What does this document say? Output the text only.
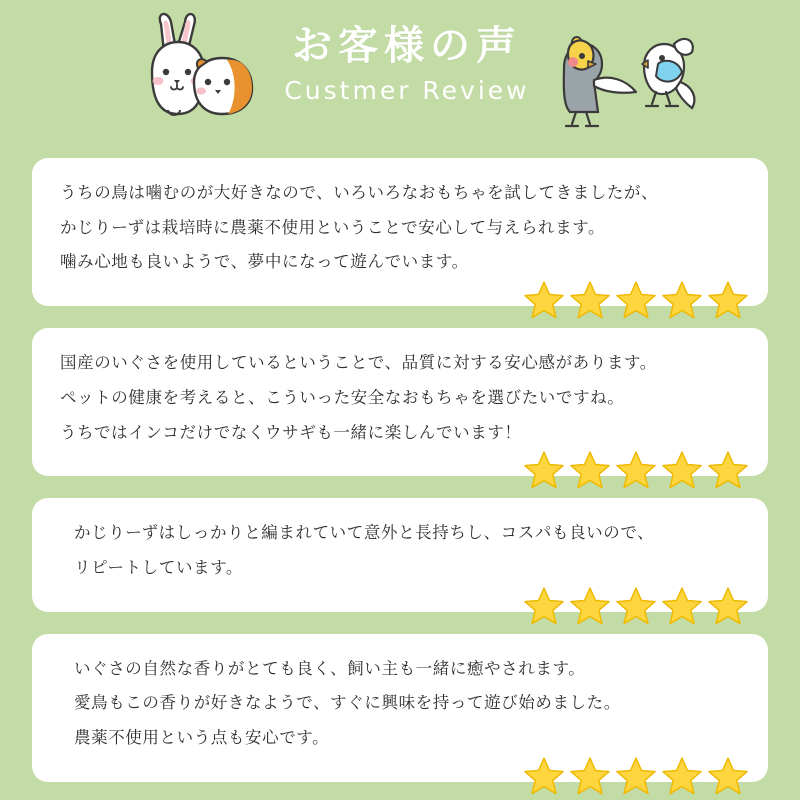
お客様の声
Custmer Review

うちの鳥は噛むのが大好きなので、いろいろなおもちゃを試してきましたが、

かじりーずは栽培時に農薬不使用ということで安心して与えられます。

噛み心地も良いようで、夢中になって遊んでいます。

国産のいぐさを使用しているということで、品質に対する安心感があります。

ペットの健康を考えると、こういった安全なおもちゃを選びたいですね。

うちではインコだけでなくウサギも一緒に楽しんでいます！

かじりーずはしっかりと編まれていて意外と長持ちし、コスパも良いので、

リピートしています。

いぐさの自然な香りがとても良く、飼い主も一緒に癒やされます。

愛鳥もこの香りが好きなようで、すぐに興味を持って遊び始めました。

農薬不使用という点も安心です。
